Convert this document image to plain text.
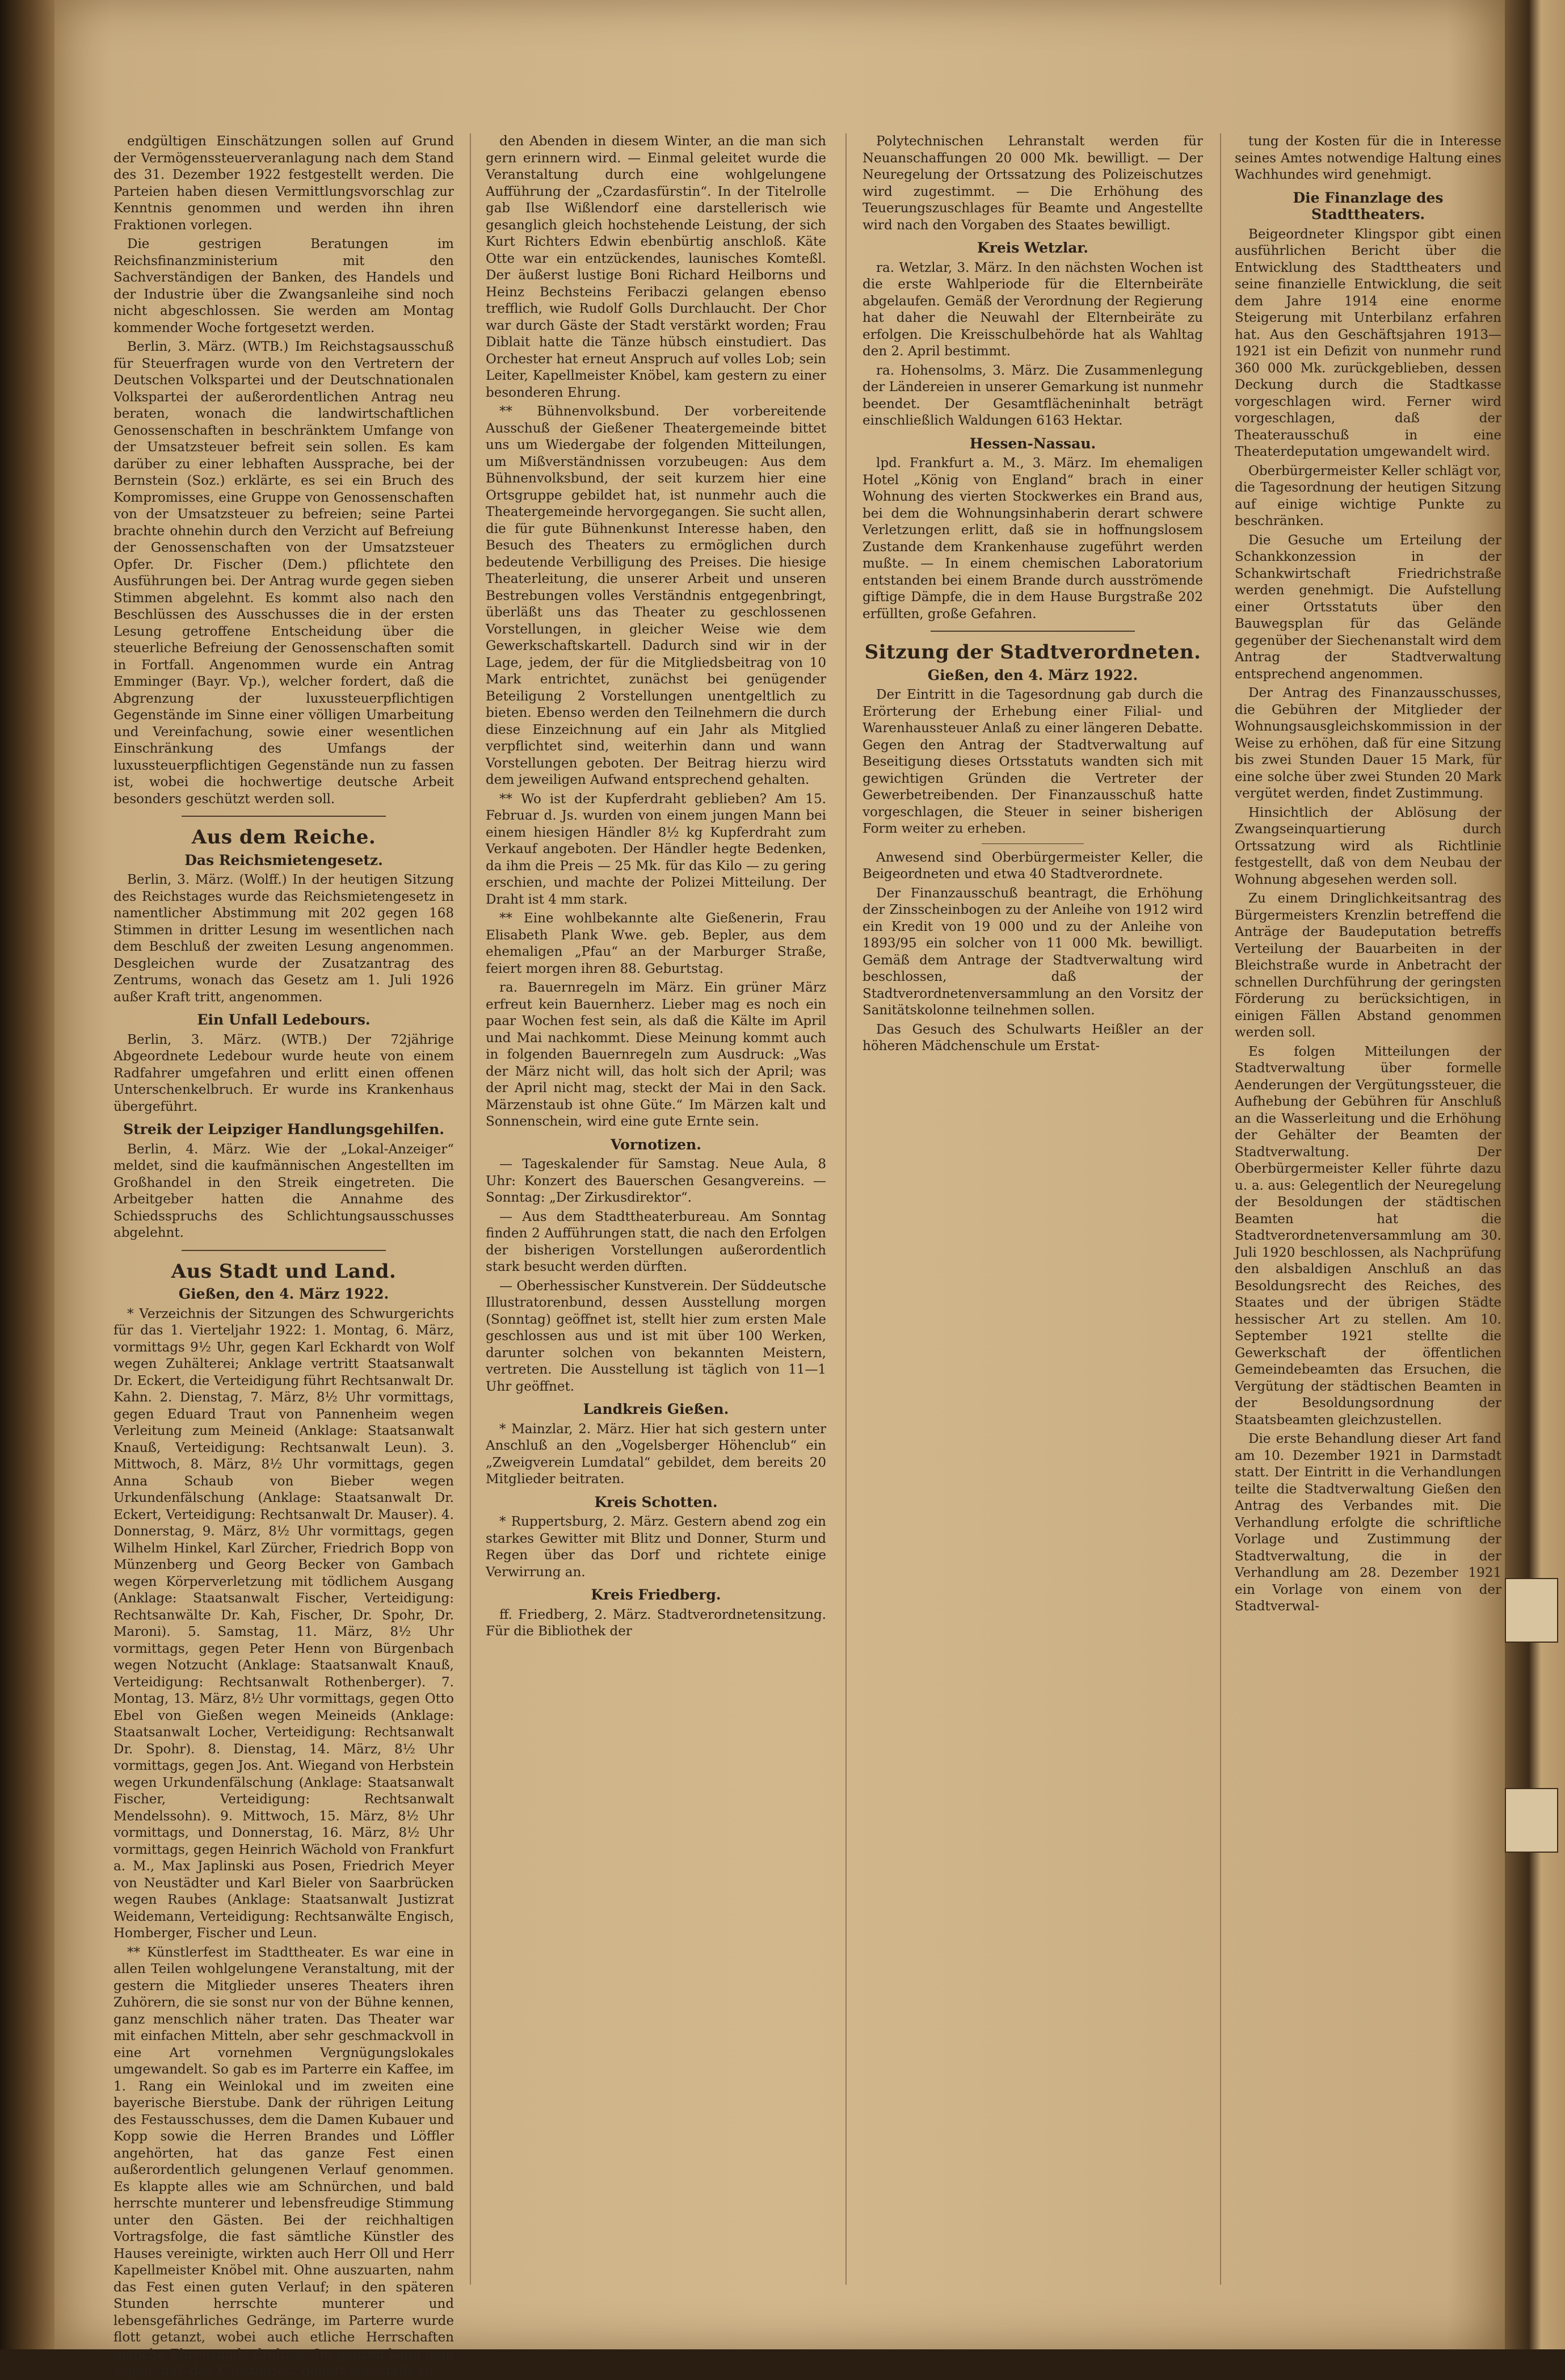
endgültigen Einschätzungen sollen auf Grund der Vermögenssteuerveranlagung nach dem Stand des 31. Dezember 1922 festgestellt werden. Die Parteien haben diesen Vermittlungsvorschlag zur Kenntnis genommen und werden ihn ihren Fraktionen vorlegen.

Die gestrigen Beratungen im Reichsfinanzministerium mit den Sachverständigen der Banken, des Handels und der Industrie über die Zwangsanleihe sind noch nicht abgeschlossen. Sie werden am Montag kommender Woche fortgesetzt werden.

Berlin, 3. März. (WTB.) Im Reichstagsausschuß für Steuerfragen wurde von den Vertretern der Deutschen Volkspartei und der Deutschnationalen Volkspartei der außerordentlichen Antrag neu beraten, wonach die landwirtschaftlichen Genossenschaften in beschränktem Umfange von der Umsatzsteuer befreit sein sollen. Es kam darüber zu einer lebhaften Aussprache, bei der Bernstein (Soz.) erklärte, es sei ein Bruch des Kompromisses, eine Gruppe von Genossenschaften von der Umsatzsteuer zu befreien; seine Partei brachte ohnehin durch den Verzicht auf Befreiung der Genossenschaften von der Umsatzsteuer Opfer. Dr. Fischer (Dem.) pflichtete den Ausführungen bei. Der Antrag wurde gegen sieben Stimmen abgelehnt. Es kommt also nach den Beschlüssen des Ausschusses die in der ersten Lesung getroffene Entscheidung über die steuerliche Befreiung der Genossenschaften somit in Fortfall. Angenommen wurde ein Antrag Emminger (Bayr. Vp.), welcher fordert, daß die Abgrenzung der luxussteuerpflichtigen Gegenstände im Sinne einer völligen Umarbeitung und Vereinfachung, sowie einer wesentlichen Einschränkung des Umfangs der luxussteuerpflichtigen Gegenstände nun zu fassen ist, wobei die hochwertige deutsche Arbeit besonders geschützt werden soll.

Aus dem Reiche.
Das Reichsmietengesetz.

Berlin, 3. März. (Wolff.) In der heutigen Sitzung des Reichstages wurde das Reichsmietengesetz in namentlicher Abstimmung mit 202 gegen 168 Stimmen in dritter Lesung im wesentlichen nach dem Beschluß der zweiten Lesung angenommen. Desgleichen wurde der Zusatzantrag des Zentrums, wonach das Gesetz am 1. Juli 1926 außer Kraft tritt, angenommen.

Ein Unfall Ledebours.

Berlin, 3. März. (WTB.) Der 72jährige Abgeordnete Ledebour wurde heute von einem Radfahrer umgefahren und erlitt einen offenen Unterschenkelbruch. Er wurde ins Krankenhaus übergeführt.

Streik der Leipziger Handlungsgehilfen.

Berlin, 4. März. Wie der „Lokal-Anzeiger“ meldet, sind die kaufmännischen Angestellten im Großhandel in den Streik eingetreten. Die Arbeitgeber hatten die Annahme des Schiedsspruchs des Schlichtungsausschusses abgelehnt.

Aus Stadt und Land.
Gießen, den 4. März 1922.

* Verzeichnis der Sitzungen des Schwurgerichts für das 1. Vierteljahr 1922: 1. Montag, 6. März, vormittags 9½ Uhr, gegen Karl Eckhardt von Wolf wegen Zuhälterei; Anklage vertritt Staatsanwalt Dr. Eckert, die Verteidigung führt Rechtsanwalt Dr. Kahn. 2. Dienstag, 7. März, 8½ Uhr vormittags, gegen Eduard Traut von Pannenheim wegen Verleitung zum Meineid (Anklage: Staatsanwalt Knauß, Verteidigung: Rechtsanwalt Leun). 3. Mittwoch, 8. März, 8½ Uhr vormittags, gegen Anna Schaub von Bieber wegen Urkundenfälschung (Anklage: Staatsanwalt Dr. Eckert, Verteidigung: Rechtsanwalt Dr. Mauser). 4. Donnerstag, 9. März, 8½ Uhr vormittags, gegen Wilhelm Hinkel, Karl Zürcher, Friedrich Bopp von Münzenberg und Georg Becker von Gambach wegen Körperverletzung mit tödlichem Ausgang (Anklage: Staatsanwalt Fischer, Verteidigung: Rechtsanwälte Dr. Kah, Fischer, Dr. Spohr, Dr. Maroni). 5. Samstag, 11. März, 8½ Uhr vormittags, gegen Peter Henn von Bürgenbach wegen Notzucht (Anklage: Staatsanwalt Knauß, Verteidigung: Rechtsanwalt Rothenberger). 7. Montag, 13. März, 8½ Uhr vormittags, gegen Otto Ebel von Gießen wegen Meineids (Anklage: Staatsanwalt Locher, Verteidigung: Rechtsanwalt Dr. Spohr). 8. Dienstag, 14. März, 8½ Uhr vormittags, gegen Jos. Ant. Wiegand von Herbstein wegen Urkundenfälschung (Anklage: Staatsanwalt Fischer, Verteidigung: Rechtsanwalt Mendelssohn). 9. Mittwoch, 15. März, 8½ Uhr vormittags, und Donnerstag, 16. März, 8½ Uhr vormittags, gegen Heinrich Wächold von Frankfurt a. M., Max Japlinski aus Posen, Friedrich Meyer von Neustädter und Karl Bieler von Saarbrücken wegen Raubes (Anklage: Staatsanwalt Justizrat Weidemann, Verteidigung: Rechtsanwälte Engisch, Homberger, Fischer und Leun.

** Künstlerfest im Stadttheater. Es war eine in allen Teilen wohlgelungene Veranstaltung, mit der gestern die Mitglieder unseres Theaters ihren Zuhörern, die sie sonst nur von der Bühne kennen, ganz menschlich näher traten. Das Theater war mit einfachen Mitteln, aber sehr geschmackvoll in eine Art vornehmen Vergnügungslokales umgewandelt. So gab es im Parterre ein Kaffee, im 1. Rang ein Weinlokal und im zweiten eine bayerische Bierstube. Dank der rührigen Leitung des Festausschusses, dem die Damen Kubauer und Kopp sowie die Herren Brandes und Löffler angehörten, hat das ganze Fest einen außerordentlich gelungenen Verlauf genommen. Es klappte alles wie am Schnürchen, und bald herrschte munterer und lebensfreudige Stimmung unter den Gästen. Bei der reichhaltigen Vortragsfolge, die fast sämtliche Künstler des Hauses vereinigte, wirkten auch Herr Oll und Herr Kapellmeister Knöbel mit. Ohne auszuarten, nahm das Fest einen guten Verlauf; in den späteren Stunden herrschte munterer und lebensgefährliches Gedränge, im Parterre wurde flott getanzt, wobei auch etliche Herrschaften manche Ehrenrunde drehten. Im ganzen kann man sagen, daß das Künstlerfest gehört jedenfalls zu

den Abenden in diesem Winter, an die man sich gern erinnern wird. — Einmal geleitet wurde die Veranstaltung durch eine wohlgelungene Aufführung der „Czardasfürstin“. In der Titelrolle gab Ilse Wißlendorf eine darstellerisch wie gesanglich gleich hochstehende Leistung, der sich Kurt Richters Edwin ebenbürtig anschloß. Käte Otte war ein entzückendes, launisches Komteßl. Der äußerst lustige Boni Richard Heilborns und Heinz Bechsteins Feribaczi gelangen ebenso trefflich, wie Rudolf Golls Durchlaucht. Der Chor war durch Gäste der Stadt verstärkt worden; Frau Diblait hatte die Tänze hübsch einstudiert. Das Orchester hat erneut Anspruch auf volles Lob; sein Leiter, Kapellmeister Knöbel, kam gestern zu einer besonderen Ehrung.

** Bühnenvolksbund. Der vorbereitende Ausschuß der Gießener Theatergemeinde bittet uns um Wiedergabe der folgenden Mitteilungen, um Mißverständnissen vorzubeugen: Aus dem Bühnenvolksbund, der seit kurzem hier eine Ortsgruppe gebildet hat, ist nunmehr auch die Theatergemeinde hervorgegangen. Sie sucht allen, die für gute Bühnenkunst Interesse haben, den Besuch des Theaters zu ermöglichen durch bedeutende Verbilligung des Preises. Die hiesige Theaterleitung, die unserer Arbeit und unseren Bestrebungen volles Verständnis entgegenbringt, überläßt uns das Theater zu geschlossenen Vorstellungen, in gleicher Weise wie dem Gewerkschaftskartell. Dadurch sind wir in der Lage, jedem, der für die Mitgliedsbeitrag von 10 Mark entrichtet, zunächst bei genügender Beteiligung 2 Vorstellungen unentgeltlich zu bieten. Ebenso werden den Teilnehmern die durch diese Einzeichnung auf ein Jahr als Mitglied verpflichtet sind, weiterhin dann und wann Vorstellungen geboten. Der Beitrag hierzu wird dem jeweiligen Aufwand entsprechend gehalten.

** Wo ist der Kupferdraht geblieben? Am 15. Februar d. Js. wurden von einem jungen Mann bei einem hiesigen Händler 8½ kg Kupferdraht zum Verkauf angeboten. Der Händler hegte Bedenken, da ihm die Preis — 25 Mk. für das Kilo — zu gering erschien, und machte der Polizei Mitteilung. Der Draht ist 4 mm stark.

** Eine wohlbekannte alte Gießenerin, Frau Elisabeth Plank Wwe. geb. Bepler, aus dem ehemaligen „Pfau“ an der Marburger Straße, feiert morgen ihren 88. Geburtstag.

ra. Bauernregeln im März. Ein grüner März erfreut kein Bauernherz. Lieber mag es noch ein paar Wochen fest sein, als daß die Kälte im April und Mai nachkommt. Diese Meinung kommt auch in folgenden Bauernregeln zum Ausdruck: „Was der März nicht will, das holt sich der April; was der April nicht mag, steckt der Mai in den Sack. Märzenstaub ist ohne Güte.“ Im Märzen kalt und Sonnenschein, wird eine gute Ernte sein.

Vornotizen.

— Tageskalender für Samstag. Neue Aula, 8 Uhr: Konzert des Bauerschen Gesangvereins. — Sonntag: „Der Zirkusdirektor“.

— Aus dem Stadttheaterbureau. Am Sonntag finden 2 Aufführungen statt, die nach den Erfolgen der bisherigen Vorstellungen außerordentlich stark besucht werden dürften.

— Oberhessischer Kunstverein. Der Süddeutsche Illustratorenbund, dessen Ausstellung morgen (Sonntag) geöffnet ist, stellt hier zum ersten Male geschlossen aus und ist mit über 100 Werken, darunter solchen von bekannten Meistern, vertreten. Die Ausstellung ist täglich von 11—1 Uhr geöffnet.

Landkreis Gießen.

* Mainzlar, 2. März. Hier hat sich gestern unter Anschluß an den „Vogelsberger Höhenclub“ ein „Zweigverein Lumdatal“ gebildet, dem bereits 20 Mitglieder beitraten.

Kreis Schotten.

* Ruppertsburg, 2. März. Gestern abend zog ein starkes Gewitter mit Blitz und Donner, Sturm und Regen über das Dorf und richtete einige Verwirrung an.

Kreis Friedberg.

ff. Friedberg, 2. März. Stadtverordnetensitzung. Für die Bibliothek der

Polytechnischen Lehranstalt werden für Neuanschaffungen 20 000 Mk. bewilligt. — Der Neuregelung der Ortssatzung des Polizeischutzes wird zugestimmt. — Die Erhöhung des Teuerungszuschlages für Beamte und Angestellte wird nach den Vorgaben des Staates bewilligt.

Kreis Wetzlar.

ra. Wetzlar, 3. März. In den nächsten Wochen ist die erste Wahlperiode für die Elternbeiräte abgelaufen. Gemäß der Verordnung der Regierung hat daher die Neuwahl der Elternbeiräte zu erfolgen. Die Kreisschulbehörde hat als Wahltag den 2. April bestimmt.

ra. Hohensolms, 3. März. Die Zusammenlegung der Ländereien in unserer Gemarkung ist nunmehr beendet. Der Gesamtflächeninhalt beträgt einschließlich Waldungen 6163 Hektar.

Hessen-Nassau.

lpd. Frankfurt a. M., 3. März. Im ehemaligen Hotel „König von England“ brach in einer Wohnung des vierten Stockwerkes ein Brand aus, bei dem die Wohnungsinhaberin derart schwere Verletzungen erlitt, daß sie in hoffnungslosem Zustande dem Krankenhause zugeführt werden mußte. — In einem chemischen Laboratorium entstanden bei einem Brande durch ausströmende giftige Dämpfe, die in dem Hause Burgstraße 202 erfüllten, große Gefahren.

Sitzung der Stadtverordneten.
Gießen, den 4. März 1922.

Der Eintritt in die Tagesordnung gab durch die Erörterung der Erhebung einer Filial- und Warenhaussteuer Anlaß zu einer längeren Debatte. Gegen den Antrag der Stadtverwaltung auf Beseitigung dieses Ortsstatuts wandten sich mit gewichtigen Gründen die Vertreter der Gewerbetreibenden. Der Finanzausschuß hatte vorgeschlagen, die Steuer in seiner bisherigen Form weiter zu erheben.

Anwesend sind Oberbürgermeister Keller, die Beigeordneten und etwa 40 Stadtverordnete.

Der Finanzausschuß beantragt, die Erhöhung der Zinsscheinbogen zu der Anleihe von 1912 wird ein Kredit von 19 000 und zu der Anleihe von 1893/95 ein solcher von 11 000 Mk. bewilligt. Gemäß dem Antrage der Stadtverwaltung wird beschlossen, daß der Stadtverordnetenversammlung an den Vorsitz der Sanitätskolonne teilnehmen sollen.

Das Gesuch des Schulwarts Heißler an der höheren Mädchenschule um Erstat-

tung der Kosten für die in Interesse seines Amtes notwendige Haltung eines Wachhundes wird genehmigt.

Die Finanzlage des Stadttheaters.

Beigeordneter Klingspor gibt einen ausführlichen Bericht über die Entwicklung des Stadttheaters und seine finanzielle Entwicklung, die seit dem Jahre 1914 eine enorme Steigerung mit Unterbilanz erfahren hat. Aus den Geschäftsjahren 1913—1921 ist ein Defizit von nunmehr rund 360 000 Mk. zurückgeblieben, dessen Deckung durch die Stadtkasse vorgeschlagen wird. Ferner wird vorgeschlagen, daß der Theaterausschuß in eine Theaterdeputation umgewandelt wird.

Oberbürgermeister Keller schlägt vor, die Tagesordnung der heutigen Sitzung auf einige wichtige Punkte zu beschränken.

Die Gesuche um Erteilung der Schankkonzession in der Schankwirtschaft Friedrichstraße werden genehmigt. Die Aufstellung einer Ortsstatuts über den Bauwegsplan für das Gelände gegenüber der Siechenanstalt wird dem Antrag der Stadtverwaltung entsprechend angenommen.

Der Antrag des Finanzausschusses, die Gebühren der Mitglieder der Wohnungsausgleichskommission in der Weise zu erhöhen, daß für eine Sitzung bis zwei Stunden Dauer 15 Mark, für eine solche über zwei Stunden 20 Mark vergütet werden, findet Zustimmung.

Hinsichtlich der Ablösung der Zwangseinquartierung durch Ortssatzung wird als Richtlinie festgestellt, daß von dem Neubau der Wohnung abgesehen werden soll.

Zu einem Dringlichkeitsantrag des Bürgermeisters Krenzlin betreffend die Anträge der Baudeputation betreffs Verteilung der Bauarbeiten in der Bleichstraße wurde in Anbetracht der schnellen Durchführung der geringsten Förderung zu berücksichtigen, in einigen Fällen Abstand genommen werden soll.

Es folgen Mitteilungen der Stadtverwaltung über formelle Aenderungen der Vergütungssteuer, die Aufhebung der Gebühren für Anschluß an die Wasserleitung und die Erhöhung der Gehälter der Beamten der Stadtverwaltung. Der Oberbürgermeister Keller führte dazu u. a. aus: Gelegentlich der Neuregelung der Besoldungen der städtischen Beamten hat die Stadtverordnetenversammlung am 30. Juli 1920 beschlossen, als Nachprüfung den alsbaldigen Anschluß an das Besoldungsrecht des Reiches, des Staates und der übrigen Städte hessischer Art zu stellen. Am 10. September 1921 stellte die Gewerkschaft der öffentlichen Gemeindebeamten das Ersuchen, die Vergütung der städtischen Beamten in der Besoldungsordnung der Staatsbeamten gleichzustellen.

Die erste Behandlung dieser Art fand am 10. Dezember 1921 in Darmstadt statt. Der Eintritt in die Verhandlungen teilte die Stadtverwaltung Gießen den Antrag des Verbandes mit. Die Verhandlung erfolgte die schriftliche Vorlage und Zustimmung der Stadtverwaltung, die in der Verhandlung am 28. Dezember 1921 ein Vorlage von einem von der Stadtverwal-
